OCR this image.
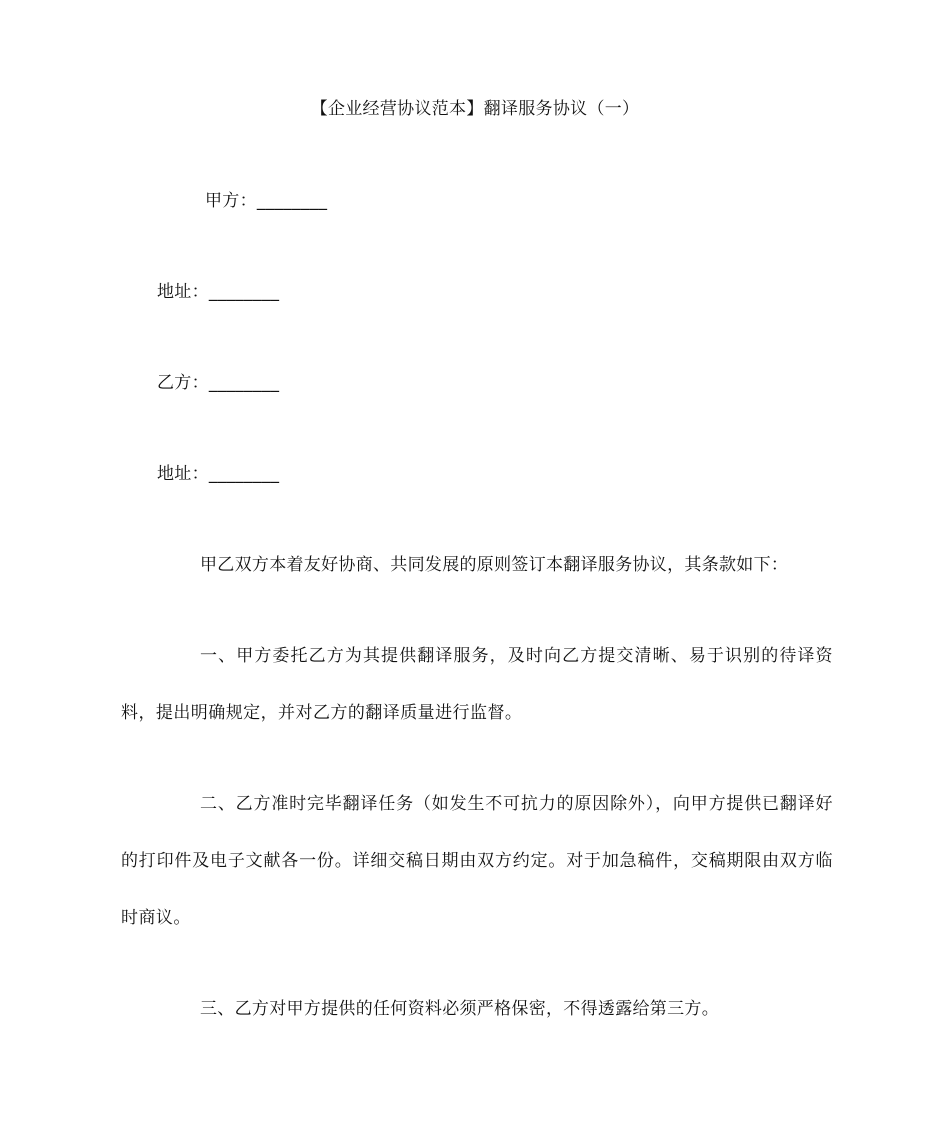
【企业经营协议范本】翻译服务协议（一）
甲方：________
地址：________
乙方：________
地址：________
甲乙双方本着友好协商、共同发展的原则签订本翻译服务协议，其条款如下：
一、甲方委托乙方为其提供翻译服务，及时向乙方提交清晰、易于识别的待译资料，提出明确规定，并对乙方的翻译质量进行监督。
二、乙方准时完毕翻译任务（如发生不可抗力的原因除外），向甲方提供已翻译好的打印件及电子文献各一份。详细交稿日期由双方约定。对于加急稿件，交稿期限由双方临时商议。
三、乙方对甲方提供的任何资料必须严格保密，不得透露给第三方。
